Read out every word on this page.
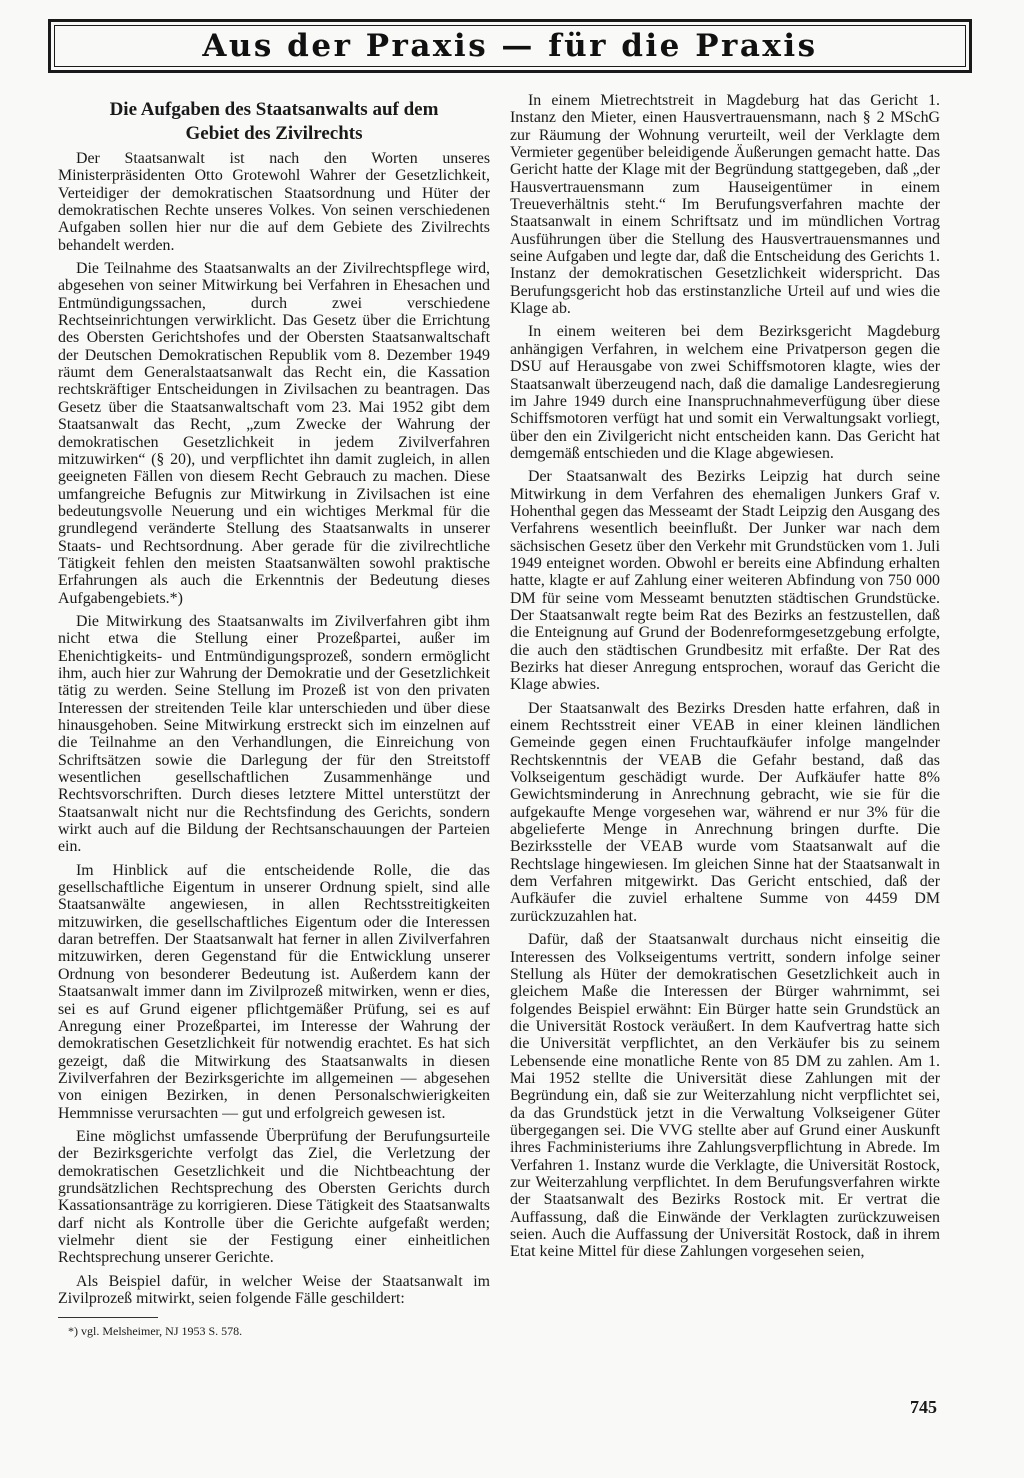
Aus der Praxis — für die Praxis
Die Aufgaben des Staatsanwalts auf dem
Gebiet des Zivilrechts

Der Staatsanwalt ist nach den Worten unseres Ministerpräsidenten Otto Grotewohl Wahrer der Gesetzlichkeit, Verteidiger der demokratischen Staatsordnung und Hüter der demokratischen Rechte unseres Volkes. Von seinen verschiedenen Aufgaben sollen hier nur die auf dem Gebiete des Zivilrechts behandelt werden.

Die Teilnahme des Staatsanwalts an der Zivilrechtspflege wird, abgesehen von seiner Mitwirkung bei Verfahren in Ehesachen und Entmündigungssachen, durch zwei verschiedene Rechtseinrichtungen verwirklicht. Das Gesetz über die Errichtung des Obersten Gerichtshofes und der Obersten Staatsanwaltschaft der Deutschen Demokratischen Republik vom 8. Dezember 1949 räumt dem Generalstaatsanwalt das Recht ein, die Kassation rechtskräftiger Entscheidungen in Zivilsachen zu beantragen. Das Gesetz über die Staatsanwaltschaft vom 23. Mai 1952 gibt dem Staatsanwalt das Recht, „zum Zwecke der Wahrung der demokratischen Gesetzlichkeit in jedem Zivilverfahren mitzuwirken“ (§ 20), und verpflichtet ihn damit zugleich, in allen geeigneten Fällen von diesem Recht Gebrauch zu machen. Diese umfangreiche Befugnis zur Mitwirkung in Zivilsachen ist eine bedeutungsvolle Neuerung und ein wichtiges Merkmal für die grundlegend veränderte Stellung des Staatsanwalts in unserer Staats- und Rechtsordnung. Aber gerade für die zivilrechtliche Tätigkeit fehlen den meisten Staatsanwälten sowohl praktische Erfahrungen als auch die Erkenntnis der Bedeutung dieses Aufgabengebiets.*)

Die Mitwirkung des Staatsanwalts im Zivilverfahren gibt ihm nicht etwa die Stellung einer Prozeßpartei, außer im Ehenichtigkeits- und Entmündigungsprozeß, sondern ermöglicht ihm, auch hier zur Wahrung der Demokratie und der Gesetzlichkeit tätig zu werden. Seine Stellung im Prozeß ist von den privaten Interessen der streitenden Teile klar unterschieden und über diese hinausgehoben. Seine Mitwirkung erstreckt sich im einzelnen auf die Teilnahme an den Verhandlungen, die Einreichung von Schriftsätzen sowie die Darlegung der für den Streitstoff wesentlichen gesellschaftlichen Zusammenhänge und Rechtsvorschriften. Durch dieses letztere Mittel unterstützt der Staatsanwalt nicht nur die Rechtsfindung des Gerichts, sondern wirkt auch auf die Bildung der Rechtsanschauungen der Parteien ein.

Im Hinblick auf die entscheidende Rolle, die das gesellschaftliche Eigentum in unserer Ordnung spielt, sind alle Staatsanwälte angewiesen, in allen Rechtsstreitigkeiten mitzuwirken, die gesellschaftliches Eigentum oder die Interessen daran betreffen. Der Staatsanwalt hat ferner in allen Zivilverfahren mitzuwirken, deren Gegenstand für die Entwicklung unserer Ordnung von besonderer Bedeutung ist. Außerdem kann der Staatsanwalt immer dann im Zivilprozeß mitwirken, wenn er dies, sei es auf Grund eigener pflichtgemäßer Prüfung, sei es auf Anregung einer Prozeßpartei, im Interesse der Wahrung der demokratischen Gesetzlichkeit für notwendig erachtet. Es hat sich gezeigt, daß die Mitwirkung des Staatsanwalts in diesen Zivilverfahren der Bezirksgerichte im allgemeinen — abgesehen von einigen Bezirken, in denen Personalschwierigkeiten Hemmnisse verursachten — gut und erfolgreich gewesen ist.

Eine möglichst umfassende Überprüfung der Berufungsurteile der Bezirksgerichte verfolgt das Ziel, die Verletzung der demokratischen Gesetzlichkeit und die Nichtbeachtung der grundsätzlichen Rechtsprechung des Obersten Gerichts durch Kassationsanträge zu korrigieren. Diese Tätigkeit des Staatsanwalts darf nicht als Kontrolle über die Gerichte aufgefaßt werden; vielmehr dient sie der Festigung einer einheitlichen Rechtsprechung unserer Gerichte.

Als Beispiel dafür, in welcher Weise der Staatsanwalt im Zivilprozeß mitwirkt, seien folgende Fälle geschildert:

*) vgl. Melsheimer, NJ 1953 S. 578.

In einem Mietrechtstreit in Magdeburg hat das Gericht 1. Instanz den Mieter, einen Hausvertrauensmann, nach § 2 MSchG zur Räumung der Wohnung verurteilt, weil der Verklagte dem Vermieter gegenüber beleidigende Äußerungen gemacht hatte. Das Gericht hatte der Klage mit der Begründung stattgegeben, daß „der Hausvertrauensmann zum Hauseigentümer in einem Treueverhältnis steht.“ Im Berufungsverfahren machte der Staatsanwalt in einem Schriftsatz und im mündlichen Vortrag Ausführungen über die Stellung des Hausvertrauensmannes und seine Aufgaben und legte dar, daß die Entscheidung des Gerichts 1. Instanz der demokratischen Gesetzlichkeit widerspricht. Das Berufungsgericht hob das erstinstanzliche Urteil auf und wies die Klage ab.

In einem weiteren bei dem Bezirksgericht Magdeburg anhängigen Verfahren, in welchem eine Privatperson gegen die DSU auf Herausgabe von zwei Schiffsmotoren klagte, wies der Staatsanwalt überzeugend nach, daß die damalige Landesregierung im Jahre 1949 durch eine Inanspruchnahmeverfügung über diese Schiffsmotoren verfügt hat und somit ein Verwaltungsakt vorliegt, über den ein Zivilgericht nicht entscheiden kann. Das Gericht hat demgemäß entschieden und die Klage abgewiesen.

Der Staatsanwalt des Bezirks Leipzig hat durch seine Mitwirkung in dem Verfahren des ehemaligen Junkers Graf v. Hohenthal gegen das Messeamt der Stadt Leipzig den Ausgang des Verfahrens wesentlich beeinflußt. Der Junker war nach dem sächsischen Gesetz über den Verkehr mit Grundstücken vom 1. Juli 1949 enteignet worden. Obwohl er bereits eine Abfindung erhalten hatte, klagte er auf Zahlung einer weiteren Abfindung von 750 000 DM für seine vom Messeamt benutzten städtischen Grundstücke. Der Staatsanwalt regte beim Rat des Bezirks an festzustellen, daß die Enteignung auf Grund der Bodenreformgesetzgebung erfolgte, die auch den städtischen Grundbesitz mit erfaßte. Der Rat des Bezirks hat dieser Anregung entsprochen, worauf das Gericht die Klage abwies.

Der Staatsanwalt des Bezirks Dresden hatte erfahren, daß in einem Rechtsstreit einer VEAB in einer kleinen ländlichen Gemeinde gegen einen Fruchtaufkäufer infolge mangelnder Rechtskenntnis der VEAB die Gefahr bestand, daß das Volkseigentum geschädigt wurde. Der Aufkäufer hatte 8% Gewichtsminderung in Anrechnung gebracht, wie sie für die aufgekaufte Menge vorgesehen war, während er nur 3% für die abgelieferte Menge in Anrechnung bringen durfte. Die Bezirksstelle der VEAB wurde vom Staatsanwalt auf die Rechtslage hingewiesen. Im gleichen Sinne hat der Staatsanwalt in dem Verfahren mitgewirkt. Das Gericht entschied, daß der Aufkäufer die zuviel erhaltene Summe von 4459 DM zurückzuzahlen hat.

Dafür, daß der Staatsanwalt durchaus nicht einseitig die Interessen des Volkseigentums vertritt, sondern infolge seiner Stellung als Hüter der demokratischen Gesetzlichkeit auch in gleichem Maße die Interessen der Bürger wahrnimmt, sei folgendes Beispiel erwähnt: Ein Bürger hatte sein Grundstück an die Universität Rostock veräußert. In dem Kaufvertrag hatte sich die Universität verpflichtet, an den Verkäufer bis zu seinem Lebensende eine monatliche Rente von 85 DM zu zahlen. Am 1. Mai 1952 stellte die Universität diese Zahlungen mit der Begründung ein, daß sie zur Weiterzahlung nicht verpflichtet sei, da das Grundstück jetzt in die Verwaltung Volkseigener Güter übergegangen sei. Die VVG stellte aber auf Grund einer Auskunft ihres Fachministeriums ihre Zahlungsverpflichtung in Abrede. Im Verfahren 1. Instanz wurde die Verklagte, die Universität Rostock, zur Weiterzahlung verpflichtet. In dem Berufungsverfahren wirkte der Staatsanwalt des Bezirks Rostock mit. Er vertrat die Auffassung, daß die Einwände der Verklagten zurückzuweisen seien. Auch die Auffassung der Universität Rostock, daß in ihrem Etat keine Mittel für diese Zahlungen vorgesehen seien,

745
